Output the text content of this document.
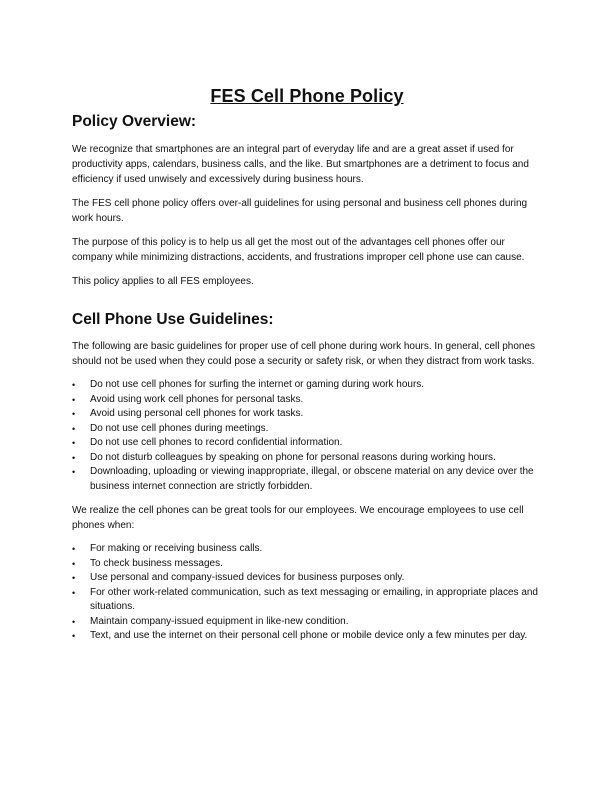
FES Cell Phone Policy
Policy Overview:

We recognize that smartphones are an integral part of everyday life and are a great asset if used for productivity apps, calendars, business calls, and the like. But smartphones are a detriment to focus and efficiency if used unwisely and excessively during business hours.

The FES cell phone policy offers over-all guidelines for using personal and business cell phones during work hours.

The purpose of this policy is to help us all get the most out of the advantages cell phones offer our company while minimizing distractions, accidents, and frustrations improper cell phone use can cause.

This policy applies to all FES employees.

Cell Phone Use Guidelines:

The following are basic guidelines for proper use of cell phone during work hours. In general, cell phones should not be used when they could pose a security or safety risk, or when they distract from work tasks.

• Do not use cell phones for surfing the internet or gaming during work hours.
• Avoid using work cell phones for personal tasks.
• Avoid using personal cell phones for work tasks.
• Do not use cell phones during meetings.
• Do not use cell phones to record confidential information.
• Do not disturb colleagues by speaking on phone for personal reasons during working hours.
• Downloading, uploading or viewing inappropriate, illegal, or obscene material on any device over the business internet connection are strictly forbidden.

We realize the cell phones can be great tools for our employees. We encourage employees to use cell phones when:

• For making or receiving business calls.
• To check business messages.
• Use personal and company-issued devices for business purposes only.
• For other work-related communication, such as text messaging or emailing, in appropriate places and situations.
• Maintain company-issued equipment in like-new condition.
• Text, and use the internet on their personal cell phone or mobile device only a few minutes per day.
